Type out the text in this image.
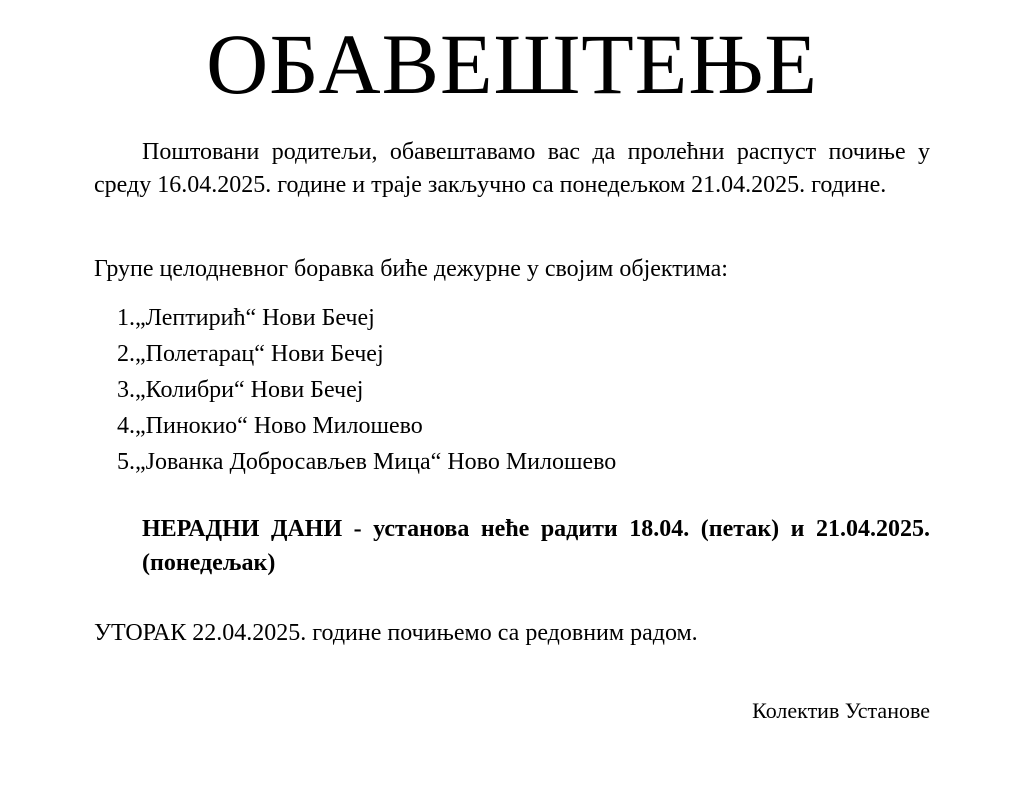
ОБАВЕШТЕЊЕ

Поштовани родитељи, обавештавамо вас да пролећни распуст почиње у среду 16.04.2025. године и траје закључно са понедељком 21.04.2025. године.

Групе целодневног боравка биће дежурне у својим објектима:

1.„Лептирић“ Нови Бечеј
2.„Полетарац“ Нови Бечеј
3.„Колибри“ Нови Бечеј
4.„Пинокио“ Ново Милошево
5.„Јованка Добросављев Мица“ Ново Милошево

НЕРАДНИ ДАНИ - установа неће радити 18.04. (петак) и 21.04.2025. (понедељак)

УТОРАК 22.04.2025. године почињемо са редовним радом.

Колектив Установе
